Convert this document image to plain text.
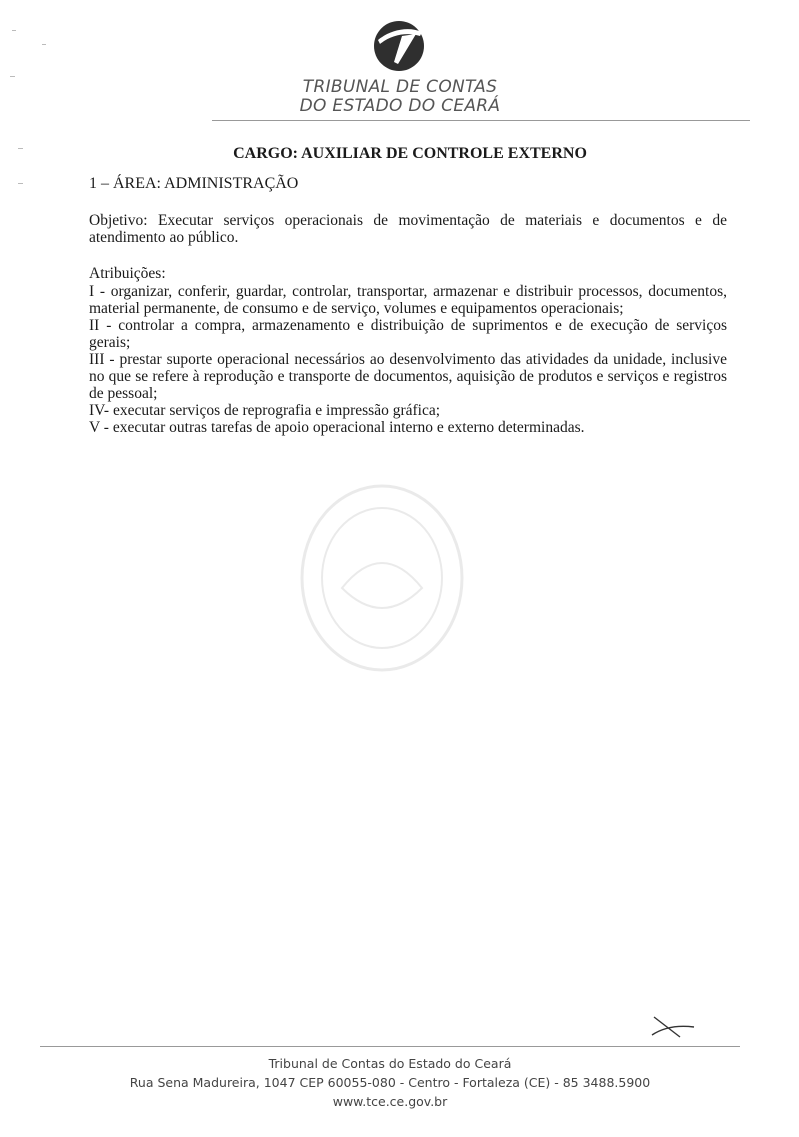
TRIBUNAL DE CONTAS
DO ESTADO DO CEARÁ
CARGO: AUXILIAR DE CONTROLE EXTERNO
1 – ÁREA: ADMINISTRAÇÃO
Objetivo: Executar serviços operacionais de movimentação de materiais e documentos e de atendimento ao público.
Atribuições:

I - organizar, conferir, guardar, controlar, transportar, armazenar e distribuir processos, documentos, material permanente, de consumo e de serviço, volumes e equipamentos operacionais;

II - controlar a compra, armazenamento e distribuição de suprimentos e de execução de serviços gerais;

III - prestar suporte operacional necessários ao desenvolvimento das atividades da unidade, inclusive no que se refere à reprodução e transporte de documentos, aquisição de produtos e serviços e registros de pessoal;

IV- executar serviços de reprografia e impressão gráfica;

V - executar outras tarefas de apoio operacional interno e externo determinadas.

Tribunal de Contas do Estado do Ceará
Rua Sena Madureira, 1047 CEP 60055-080 - Centro - Fortaleza (CE) - 85 3488.5900
www.tce.ce.gov.br
